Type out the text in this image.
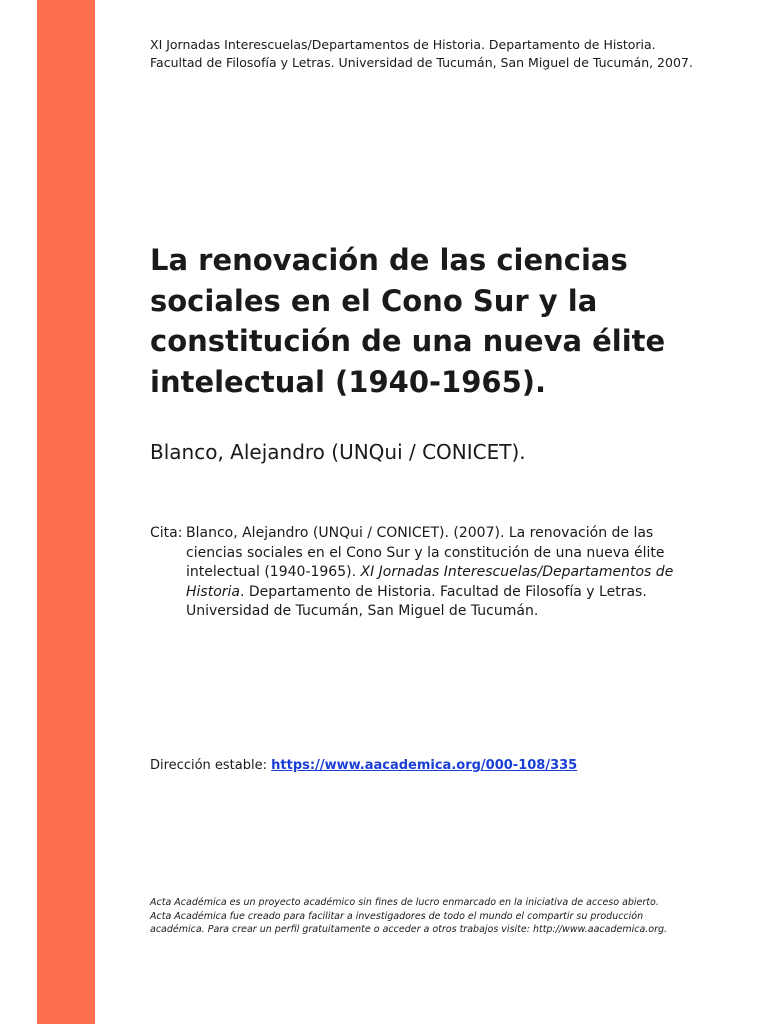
XI Jornadas Interescuelas/Departamentos de Historia. Departamento de Historia. Facultad de Filosofía y Letras. Universidad de Tucumán, San Miguel de Tucumán, 2007.
La renovación de las ciencias sociales en el Cono Sur y la constitución de una nueva élite intelectual (1940-1965).
Blanco, Alejandro (UNQui / CONICET).
Cita: Blanco, Alejandro (UNQui / CONICET). (2007). La renovación de las ciencias sociales en el Cono Sur y la constitución de una nueva élite intelectual (1940-1965). XI Jornadas Interescuelas/Departamentos de Historia. Departamento de Historia. Facultad de Filosofía y Letras. Universidad de Tucumán, San Miguel de Tucumán.
Dirección estable: https://www.aacademica.org/000-108/335
Acta Académica es un proyecto académico sin fines de lucro enmarcado en la iniciativa de acceso abierto. Acta Académica fue creado para facilitar a investigadores de todo el mundo el compartir su producción académica. Para crear un perfil gratuitamente o acceder a otros trabajos visite: http://www.aacademica.org.
